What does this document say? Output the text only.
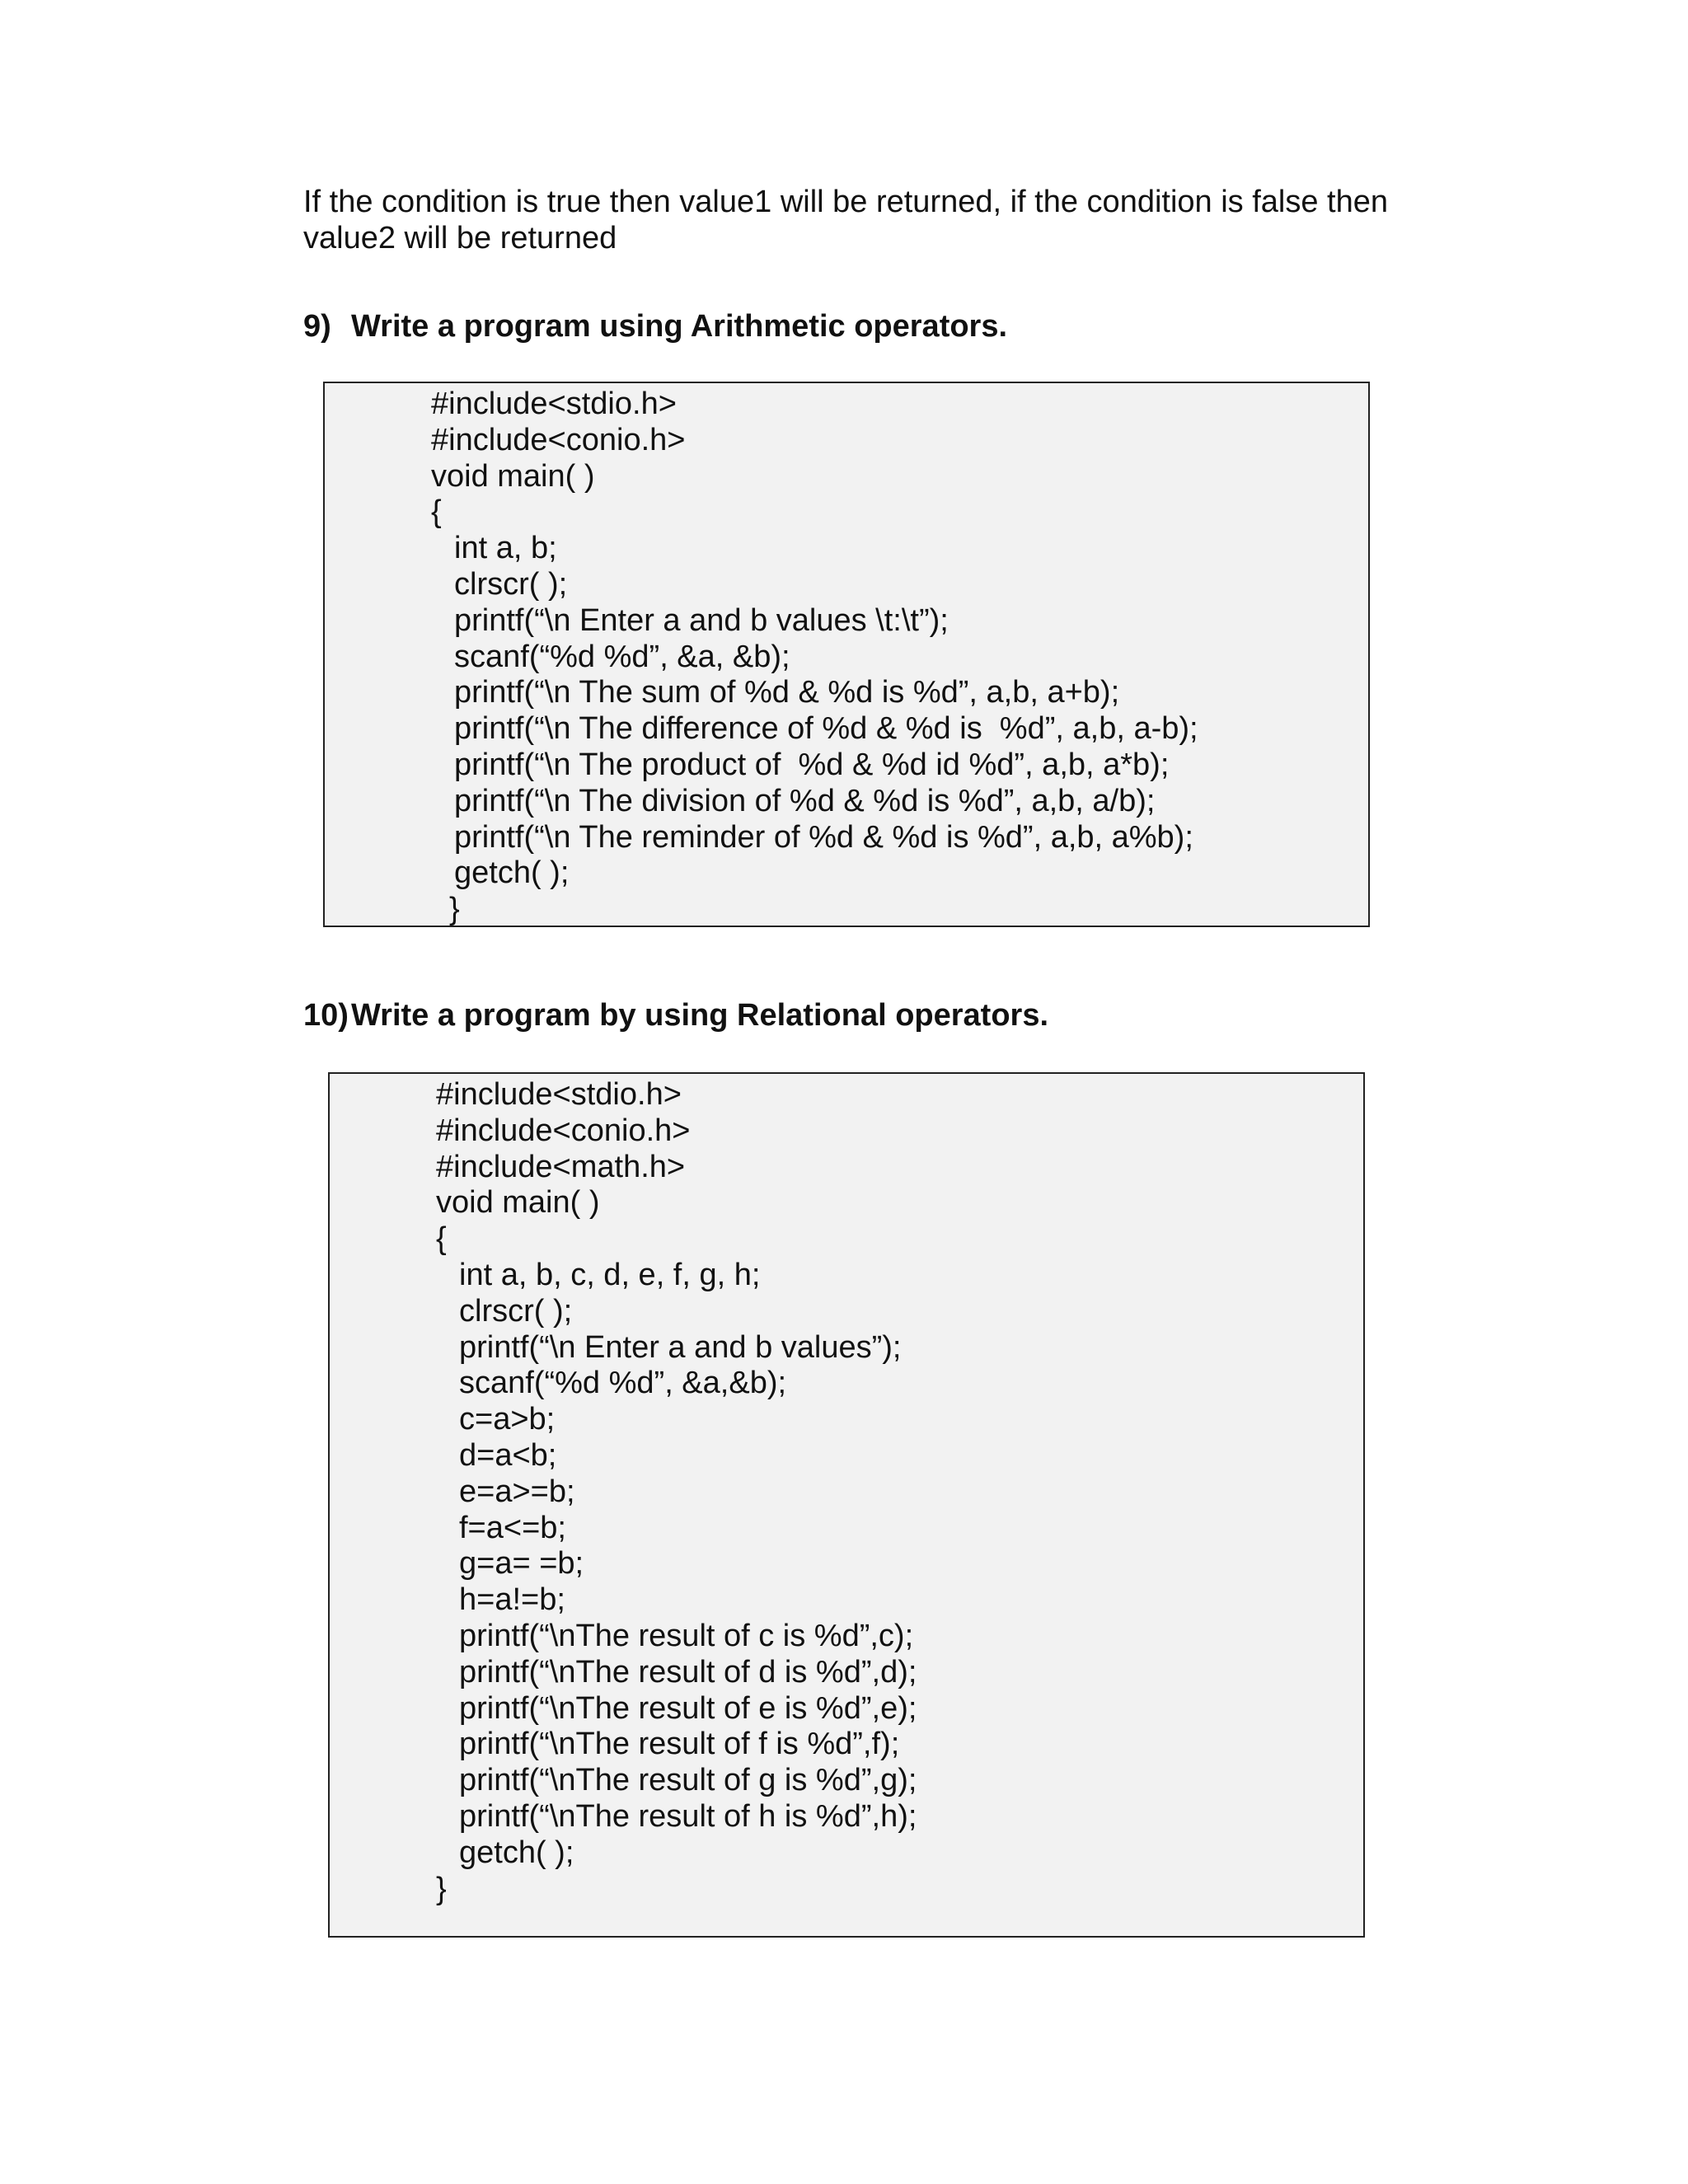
If the condition is true then value1 will be returned, if the condition is false then
value2 will be returned

9) Write a program using Arithmetic operators.
#include<stdio.h>
#include<conio.h>
void main( )
{
int a, b;
clrscr( );
printf(“\n Enter a and b values \t:\t”);
scanf(“%d %d”, &a, &b);
printf(“\n The sum of %d & %d is %d”, a,b, a+b);
printf(“\n The difference of %d & %d is  %d”, a,b, a-b);
printf(“\n The product of  %d & %d id %d”, a,b, a*b);
printf(“\n The division of %d & %d is %d”, a,b, a/b);
printf(“\n The reminder of %d & %d is %d”, a,b, a%b);
getch( );
}
10)Write a program by using Relational operators.
#include<stdio.h>
#include<conio.h>
#include<math.h>
void main( )
{
int a, b, c, d, e, f, g, h;
clrscr( );
printf(“\n Enter a and b values”);
scanf(“%d %d”, &a,&b);
c=a>b;
d=a<b;
e=a>=b;
f=a<=b;
g=a= =b;
h=a!=b;
printf(“\nThe result of c is %d”,c);
printf(“\nThe result of d is %d”,d);
printf(“\nThe result of e is %d”,e);
printf(“\nThe result of f is %d”,f);
printf(“\nThe result of g is %d”,g);
printf(“\nThe result of h is %d”,h);
getch( );
}
